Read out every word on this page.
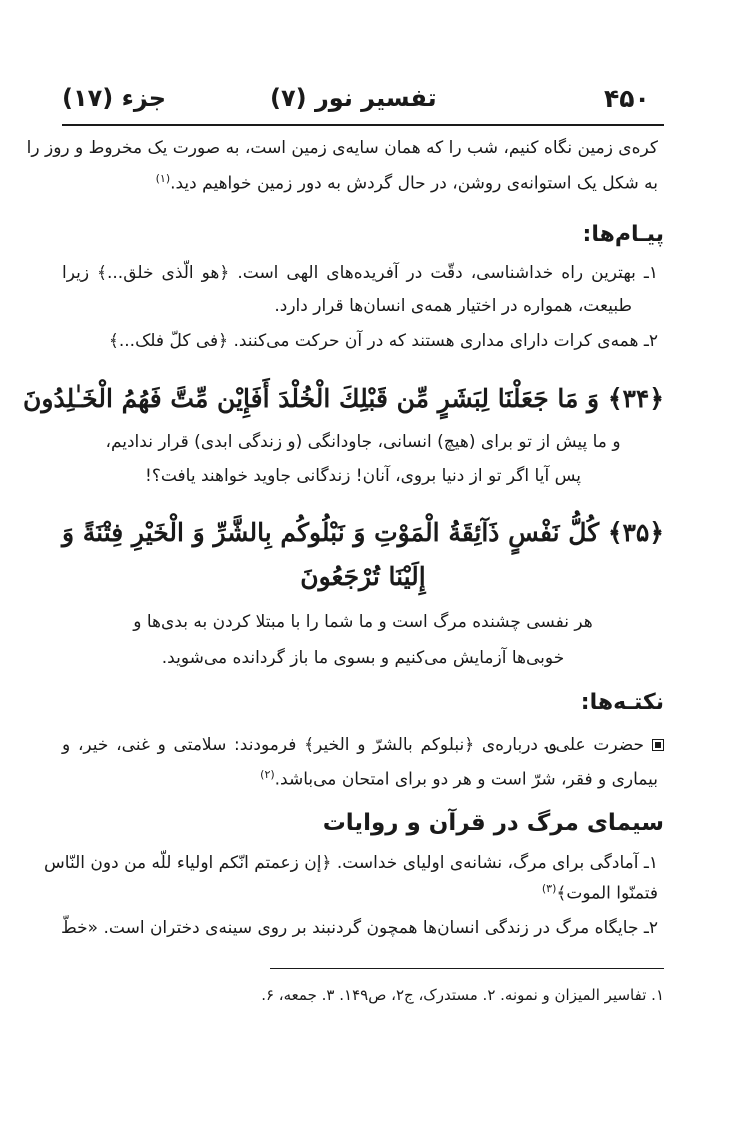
۴۵۰
تفسیر نور (۷)
جزء (۱۷)
کره‌ی زمین نگاه کنیم، شب را که همان سایه‌ی زمین است، به صورت یک مخروط و روز را
به شکل یک استوانه‌ی روشن، در حال گردش به دور زمین خواهیم دید.$^{(۱)}$
پیـام‌ها:
۱ـ بهترین راه خداشناسی، دقّت در آفریده‌های الهی است. ﴿هو الّذی خلق...﴾ زیرا
طبیعت، همواره در اختیار همه‌ی انسان‌ها قرار دارد.
۲ـ همه‌ی کرات دارای مداری هستند که در آن حرکت می‌کنند. ﴿فی کلّ فلک...﴾
﴿۳۴﴾ وَ مَا جَعَلْنَا لِبَشَرٍ مِّن قَبْلِكَ الْخُلْدَ أَفَإِيْن مِّتَّ فَهُمُ الْخَـٰلِدُونَ
و ما پیش از تو برای (هیچ) انسانی، جاودانگی (و زندگی ابدی) قرار نداديم،
پس آیا اگر تو از دنیا بروی، آنان! زندگانی جاوید خواهند یافت؟!
﴿۳۵﴾ كُلُّ نَفْسٍ ذَآئِقَةُ الْمَوْتِ وَ نَبْلُوكُم بِالشَّرِّ وَ الْخَيْرِ فِتْنَةً وَ
إِلَيْنَا تُرْجَعُونَ
هر نفسی چشنده مرگ است و ما شما را با مبتلا کردن به بدی‌ها و
خوبی‌ها آزمایش می‌کنیم و بسوی ما باز گردانده می‌شوید.
نکتـه‌ها:
حضرت علی؈ درباره‌ی ﴿نبلوكم بالشرّ و الخير﴾ فرمودند: سلامتی و غنی، خیر، و
بیماری و فقر، شرّ است و هر دو برای امتحان می‌باشد.$^{(۲)}$
سیمای مرگ در قرآن و روایات
۱ـ آمادگی برای مرگ، نشانه‌ی اولیای خداست. ﴿إن زعمتم انّكم اولياء للّه من دون النّاس
فتمنّوا الموت﴾$^{(۳)}$
۲ـ جایگاه مرگ در زندگی انسان‌ها همچون گردنبند بر روی سینه‌ی دختران است. «خطّ
۱. تفاسیر المیزان و نمونه. ۲. مستدرک، ج۲، ص۱۴۹. ۳. جمعه، ۶.
